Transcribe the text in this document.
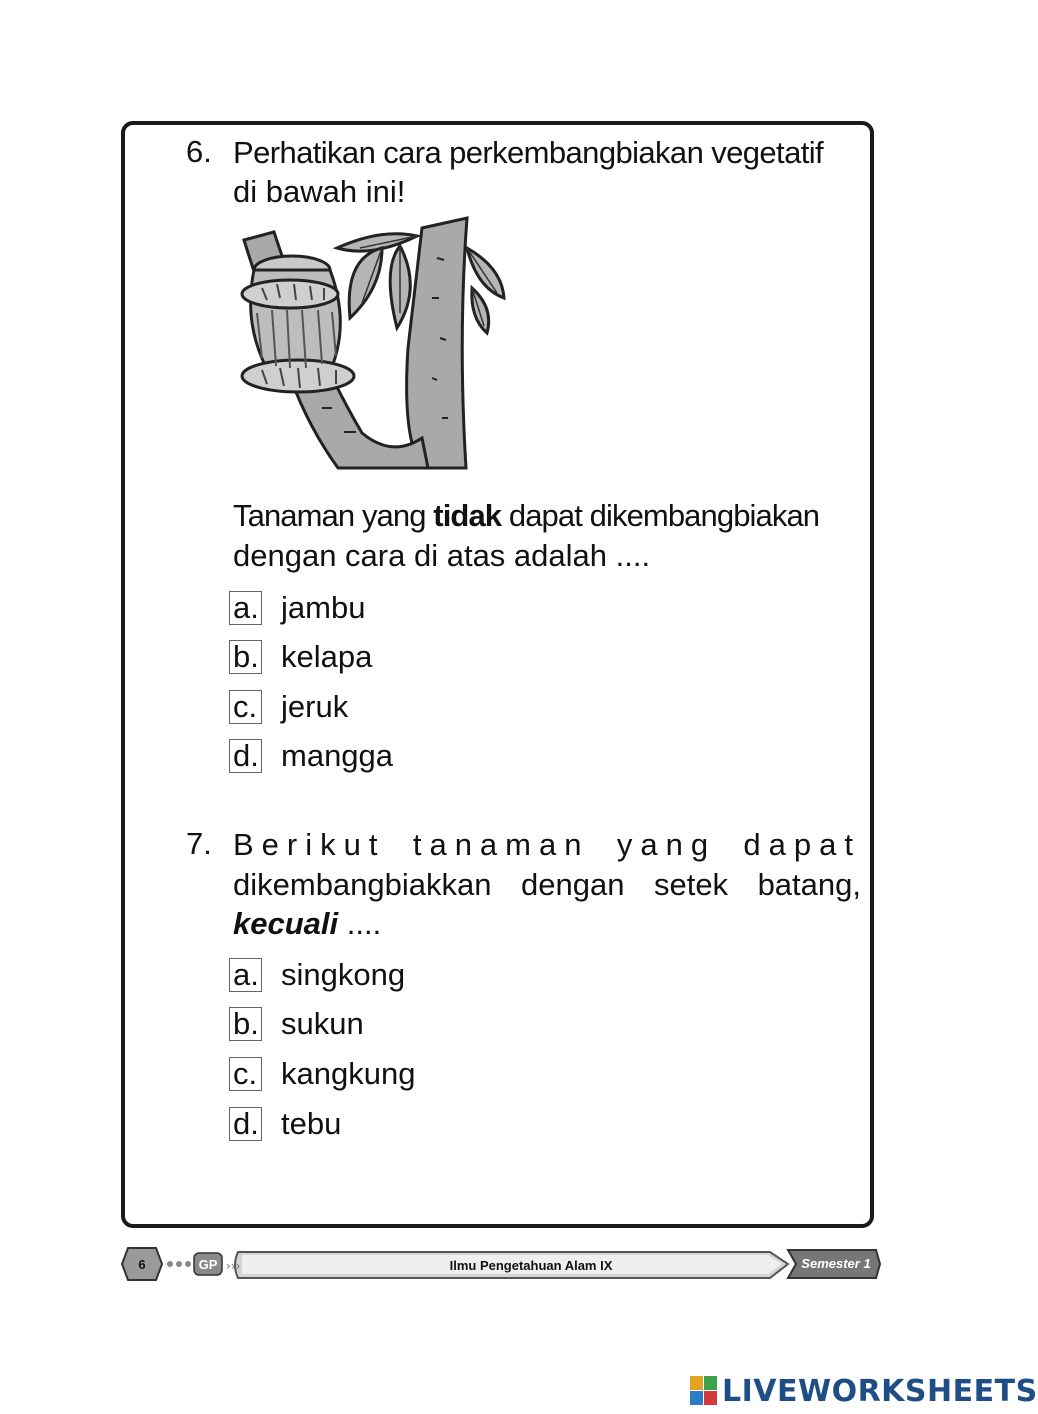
6. Perhatikan cara perkembangbiakan vegetatif
di bawah ini!
Tanaman yang tidak dapat dikembangbiakan
dengan cara di atas adalah ....
a. jambu
b. kelapa
c. jeruk
d. mangga
7. Berikut tanaman yang dapat
dikembangbiakkan dengan setek batang,
kecuali ....
a. singkong
b. sukun
c. kangkung
d. tebu
6	GP ›››	Ilmu Pengetahuan Alam IX	Semester 1
LIVEWORKSHEETS
